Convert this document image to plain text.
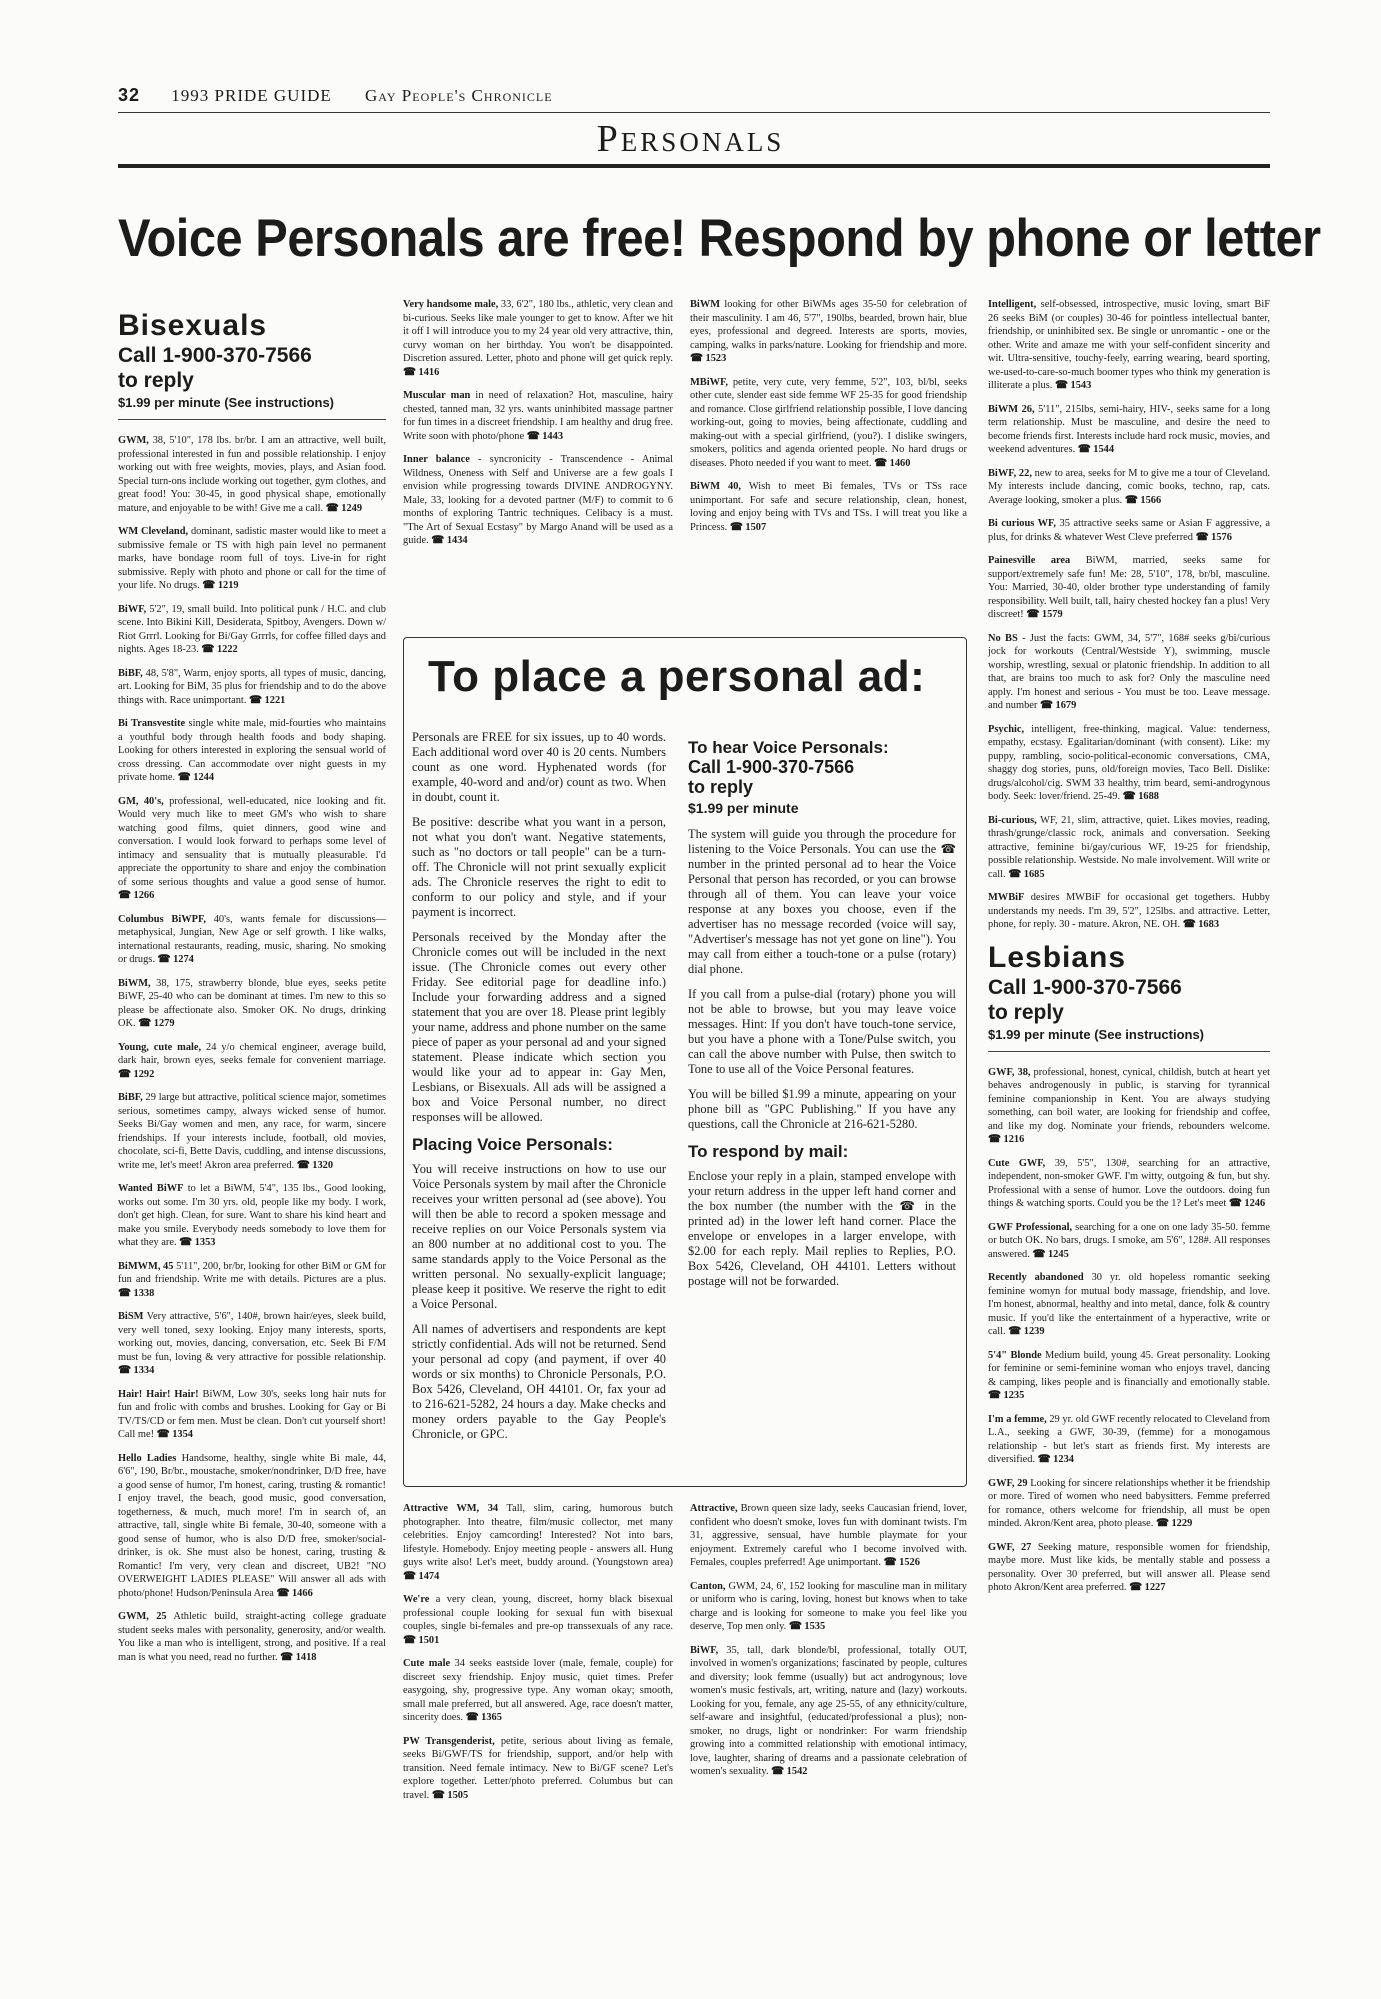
32 1993 PRIDE GUIDE Gay People's Chronicle
Personals
Voice Personals are free! Respond by phone or letter
Bisexuals
Call 1-900-370-7566
to reply
$1.99 per minute (See instructions)

GWM, 38, 5'10", 178 lbs. br/br. I am an attractive, well built, professional interested in fun and possible relationship. I enjoy working out with free weights, movies, plays, and Asian food. Special turn-ons include working out together, gym clothes, and great food! You: 30-45, in good physical shape, emotionally mature, and enjoyable to be with! Give me a call. ☎ 1249

WM Cleveland, dominant, sadistic master would like to meet a submissive female or TS with high pain level no permanent marks, have bondage room full of toys. Live-in for right submissive. Reply with photo and phone or call for the time of your life. No drugs. ☎ 1219

BiWF, 5'2", 19, small build. Into political punk / H.C. and club scene. Into Bikini Kill, Desiderata, Spitboy, Avengers. Down w/ Riot Grrrl. Looking for Bi/Gay Grrrls, for coffee filled days and nights. Ages 18-23. ☎ 1222

BiBF, 48, 5'8", Warm, enjoy sports, all types of music, dancing, art. Looking for BiM, 35 plus for friendship and to do the above things with. Race unimportant. ☎ 1221

Bi Transvestite single white male, mid-fourties who maintains a youthful body through health foods and body shaping. Looking for others interested in exploring the sensual world of cross dressing. Can accommodate over night guests in my private home. ☎ 1244

GM, 40's, professional, well-educated, nice looking and fit. Would very much like to meet GM's who wish to share watching good films, quiet dinners, good wine and conversation. I would look forward to perhaps some level of intimacy and sensuality that is mutually pleasurable. I'd appreciate the opportunity to share and enjoy the combination of some serious thoughts and value a good sense of humor. ☎ 1266

Columbus BiWPF, 40's, wants female for discussions—metaphysical, Jungian, New Age or self growth. I like walks, international restaurants, reading, music, sharing. No smoking or drugs. ☎ 1274

BiWM, 38, 175, strawberry blonde, blue eyes, seeks petite BiWF, 25-40 who can be dominant at times. I'm new to this so please be affectionate also. Smoker OK. No drugs, drinking OK. ☎ 1279

Young, cute male, 24 y/o chemical engineer, average build, dark hair, brown eyes, seeks female for convenient marriage. ☎ 1292

BiBF, 29 large but attractive, political science major, sometimes serious, sometimes campy, always wicked sense of humor. Seeks Bi/Gay women and men, any race, for warm, sincere friendships. If your interests include, football, old movies, chocolate, sci-fi, Bette Davis, cuddling, and intense discussions, write me, let's meet! Akron area preferred. ☎ 1320

Wanted BiWF to let a BiWM, 5'4", 135 lbs., Good looking, works out some. I'm 30 yrs. old, people like my body. I work, don't get high. Clean, for sure. Want to share his kind heart and make you smile. Everybody needs somebody to love them for what they are. ☎ 1353

BiMWM, 45 5'11", 200, br/br, looking for other BiM or GM for fun and friendship. Write me with details. Pictures are a plus. ☎ 1338

BiSM Very attractive, 5'6", 140#, brown hair/eyes, sleek build, very well toned, sexy looking. Enjoy many interests, sports, working out, movies, dancing, conversation, etc. Seek Bi F/M must be fun, loving & very attractive for possible relationship. ☎ 1334

Hair! Hair! Hair! BiWM, Low 30's, seeks long hair nuts for fun and frolic with combs and brushes. Looking for Gay or Bi TV/TS/CD or fem men. Must be clean. Don't cut yourself short! Call me! ☎ 1354

Hello Ladies Handsome, healthy, single white Bi male, 44, 6'6", 190, Br/br., moustache, smoker/nondrinker, D/D free, have a good sense of humor, I'm honest, caring, trusting & romantic! I enjoy travel, the beach, good music, good conversation, togetherness, & much, much more! I'm in search of, an attractive, tall, single white Bi female, 30-40, someone with a good sense of humor, who is also D/D free, smoker/social-drinker, is ok. She must also be honest, caring, trusting & Romantic! I'm very, very clean and discreet, UB2! "NO OVERWEIGHT LADIES PLEASE" Will answer all ads with photo/phone! Hudson/Peninsula Area ☎ 1466

GWM, 25 Athletic build, straight-acting college graduate student seeks males with personality, generosity, and/or wealth. You like a man who is intelligent, strong, and positive. If a real man is what you need, read no further. ☎ 1418

Very handsome male, 33, 6'2", 180 lbs., athletic, very clean and bi-curious. Seeks like male younger to get to know. After we hit it off I will introduce you to my 24 year old very attractive, thin, curvy woman on her birthday. You won't be disappointed. Discretion assured. Letter, photo and phone will get quick reply. ☎ 1416

Muscular man in need of relaxation? Hot, masculine, hairy chested, tanned man, 32 yrs. wants uninhibited massage partner for fun times in a discreet friendship. I am healthy and drug free. Write soon with photo/phone ☎ 1443

Inner balance - syncronicity - Transcendence - Animal Wildness, Oneness with Self and Universe are a few goals I envision while progressing towards DIVINE ANDROGYNY. Male, 33, looking for a devoted partner (M/F) to commit to 6 months of exploring Tantric techniques. Celibacy is a must. "The Art of Sexual Ecstasy" by Margo Anand will be used as a guide. ☎ 1434

BiWM looking for other BiWMs ages 35-50 for celebration of their masculinity. I am 46, 5'7", 190lbs, bearded, brown hair, blue eyes, professional and degreed. Interests are sports, movies, camping, walks in parks/nature. Looking for friendship and more. ☎ 1523

MBiWF, petite, very cute, very femme, 5'2", 103, bl/bl, seeks other cute, slender east side femme WF 25-35 for good friendship and romance. Close girlfriend relationship possible, I love dancing working-out, going to movies, being affectionate, cuddling and making-out with a special girlfriend, (you?). I dislike swingers, smokers, politics and agenda oriented people. No hard drugs or diseases. Photo needed if you want to meet. ☎ 1460

BiWM 40, Wish to meet Bi females, TVs or TSs race unimportant. For safe and secure relationship, clean, honest, loving and enjoy being with TVs and TSs. I will treat you like a Princess. ☎ 1507

Intelligent, self-obsessed, introspective, music loving, smart BiF 26 seeks BiM (or couples) 30-46 for pointless intellectual banter, friendship, or uninhibited sex. Be single or unromantic - one or the other. Write and amaze me with your self-confident sincerity and wit. Ultra-sensitive, touchy-feely, earring wearing, beard sporting, we-used-to-care-so-much boomer types who think my generation is illiterate a plus. ☎ 1543

BiWM 26, 5'11", 215lbs, semi-hairy, HIV-, seeks same for a long term relationship. Must be masculine, and desire the need to become friends first. Interests include hard rock music, movies, and weekend adventures. ☎ 1544

BiWF, 22, new to area, seeks for M to give me a tour of Cleveland. My interests include dancing, comic books, techno, rap, cats. Average looking, smoker a plus. ☎ 1566

Bi curious WF, 35 attractive seeks same or Asian F aggressive, a plus, for drinks & whatever West Cleve preferred ☎ 1576

Painesville area BiWM, married, seeks same for support/extremely safe fun! Me: 28, 5'10", 178, br/bl, masculine. You: Married, 30-40, older brother type understanding of family responsibility. Well built, tall, hairy chested hockey fan a plus! Very discreet! ☎ 1579

No BS - Just the facts: GWM, 34, 5'7", 168# seeks g/bi/curious jock for workouts (Central/Westside Y), swimming, muscle worship, wrestling, sexual or platonic friendship. In addition to all that, are brains too much to ask for? Only the masculine need apply. I'm honest and serious - You must be too. Leave message. and number ☎ 1679

Psychic, intelligent, free-thinking, magical. Value: tenderness, empathy, ecstasy. Egalitarian/dominant (with consent). Like: my puppy, rambling, socio-political-economic conversations, CMA, shaggy dog stories, puns, old/foreign movies, Taco Bell. Dislike: drugs/alcohol/cig. SWM 33 healthy, trim beard, semi-androgynous body. Seek: lover/friend. 25-49. ☎ 1688

Bi-curious, WF, 21, slim, attractive, quiet. Likes movies, reading, thrash/grunge/classic rock, animals and conversation. Seeking attractive, feminine bi/gay/curious WF, 19-25 for friendship, possible relationship. Westside. No male involvement. Will write or call. ☎ 1685

MWBiF desires MWBiF for occasional get togethers. Hubby understands my needs. I'm 39, 5'2", 125lbs. and attractive. Letter, phone, for reply. 30 - mature. Akron, NE. OH. ☎ 1683

Lesbians
Call 1-900-370-7566
to reply
$1.99 per minute (See instructions)

GWF, 38, professional, honest, cynical, childish, butch at heart yet behaves androgenously in public, is starving for tyrannical feminine companionship in Kent. You are always studying something, can boil water, are looking for friendship and coffee, and like my dog. Nominate your friends, rebounders welcome. ☎ 1216

Cute GWF, 39, 5'5", 130#, searching for an attractive, independent, non-smoker GWF. I'm witty, outgoing & fun, but shy. Professional with a sense of humor. Love the outdoors. doing fun things & watching sports. Could you be the 1? Let's meet ☎ 1246

GWF Professional, searching for a one on one lady 35-50. femme or butch OK. No bars, drugs. I smoke, am 5'6", 128#. All responses answered. ☎ 1245

Recently abandoned 30 yr. old hopeless romantic seeking feminine womyn for mutual body massage, friendship, and love. I'm honest, abnormal, healthy and into metal, dance, folk & country music. If you'd like the entertainment of a hyperactive, write or call. ☎ 1239

5'4" Blonde Medium build, young 45. Great personality. Looking for feminine or semi-feminine woman who enjoys travel, dancing & camping, likes people and is financially and emotionally stable. ☎ 1235

I'm a femme, 29 yr. old GWF recently relocated to Cleveland from L.A., seeking a GWF, 30-39, (femme) for a monogamous relationship - but let's start as friends first. My interests are diversified. ☎ 1234

GWF, 29 Looking for sincere relationships whether it be friendship or more. Tired of women who need babysitters. Femme preferred for romance, others welcome for friendship, all must be open minded. Akron/Kent area, photo please. ☎ 1229

GWF, 27 Seeking mature, responsible women for friendship, maybe more. Must like kids, be mentally stable and possess a personality. Over 30 preferred, but will answer all. Please send photo Akron/Kent area preferred. ☎ 1227

To place a personal ad:

Personals are FREE for six issues, up to 40 words. Each additional word over 40 is 20 cents. Numbers count as one word. Hyphenated words (for example, 40-word and and/or) count as two. When in doubt, count it.

Be positive: describe what you want in a person, not what you don't want. Negative statements, such as "no doctors or tall people" can be a turn-off. The Chronicle will not print sexually explicit ads. The Chronicle reserves the right to edit to conform to our policy and style, and if your payment is incorrect.

Personals received by the Monday after the Chronicle comes out will be included in the next issue. (The Chronicle comes out every other Friday. See editorial page for deadline info.) Include your forwarding address and a signed statement that you are over 18. Please print legibly your name, address and phone number on the same piece of paper as your personal ad and your signed statement. Please indicate which section you would like your ad to appear in: Gay Men, Lesbians, or Bisexuals. All ads will be assigned a box and Voice Personal number, no direct responses will be allowed.

Placing Voice Personals:

You will receive instructions on how to use our Voice Personals system by mail after the Chronicle receives your written personal ad (see above). You will then be able to record a spoken message and receive replies on our Voice Personals system via an 800 number at no additional cost to you. The same standards apply to the Voice Personal as the written personal. No sexually-explicit language; please keep it positive. We reserve the right to edit a Voice Personal.

All names of advertisers and respondents are kept strictly confidential. Ads will not be returned. Send your personal ad copy (and payment, if over 40 words or six months) to Chronicle Personals, P.O. Box 5426, Cleveland, OH 44101. Or, fax your ad to 216-621-5282, 24 hours a day. Make checks and money orders payable to the Gay People's Chronicle, or GPC.

To hear Voice Personals:
Call 1-900-370-7566
to reply
$1.99 per minute

The system will guide you through the procedure for listening to the Voice Personals. You can use the ☎ number in the printed personal ad to hear the Voice Personal that person has recorded, or you can browse through all of them. You can leave your voice response at any boxes you choose, even if the advertiser has no message recorded (voice will say, "Advertiser's message has not yet gone on line"). You may call from either a touch-tone or a pulse (rotary) dial phone.

If you call from a pulse-dial (rotary) phone you will not be able to browse, but you may leave voice messages. Hint: If you don't have touch-tone service, but you have a phone with a Tone/Pulse switch, you can call the above number with Pulse, then switch to Tone to use all of the Voice Personal features.

You will be billed $1.99 a minute, appearing on your phone bill as "GPC Publishing." If you have any questions, call the Chronicle at 216-621-5280.

To respond by mail:

Enclose your reply in a plain, stamped envelope with your return address in the upper left hand corner and the box number (the number with the ☎ in the printed ad) in the lower left hand corner. Place the envelope or envelopes in a larger envelope, with $2.00 for each reply. Mail replies to Replies, P.O. Box 5426, Cleveland, OH 44101. Letters without postage will not be forwarded.

Attractive WM, 34 Tall, slim, caring, humorous butch photographer. Into theatre, film/music collector, met many celebrities. Enjoy camcording! Interested? Not into bars, lifestyle. Homebody. Enjoy meeting people - answers all. Hung guys write also! Let's meet, buddy around. (Youngstown area) ☎ 1474

We're a very clean, young, discreet, horny black bisexual professional couple looking for sexual fun with bisexual couples, single bi-females and pre-op transsexuals of any race. ☎ 1501

Cute male 34 seeks eastside lover (male, female, couple) for discreet sexy friendship. Enjoy music, quiet times. Prefer easygoing, shy, progressive type. Any woman okay; smooth, small male preferred, but all answered. Age, race doesn't matter, sincerity does. ☎ 1365

PW Transgenderist, petite, serious about living as female, seeks Bi/GWF/TS for friendship, support, and/or help with transition. Need female intimacy. New to Bi/GF scene? Let's explore together. Letter/photo preferred. Columbus but can travel. ☎ 1505

Attractive, Brown queen size lady, seeks Caucasian friend, lover, confident who doesn't smoke, loves fun with dominant twists. I'm 31, aggressive, sensual, have humble playmate for your enjoyment. Extremely careful who I become involved with. Females, couples preferred! Age unimportant. ☎ 1526

Canton, GWM, 24, 6', 152 looking for masculine man in military or uniform who is caring, loving, honest but knows when to take charge and is looking for someone to make you feel like you deserve, Top men only. ☎ 1535

BiWF, 35, tall, dark blonde/bl, professional, totally OUT, involved in women's organizations; fascinated by people, cultures and diversity; look femme (usually) but act androgynous; love women's music festivals, art, writing, nature and (lazy) workouts. Looking for you, female, any age 25-55, of any ethnicity/culture, self-aware and insightful, (educated/professional a plus); non-smoker, no drugs, light or nondrinker: For warm friendship growing into a committed relationship with emotional intimacy, love, laughter, sharing of dreams and a passionate celebration of women's sexuality. ☎ 1542
